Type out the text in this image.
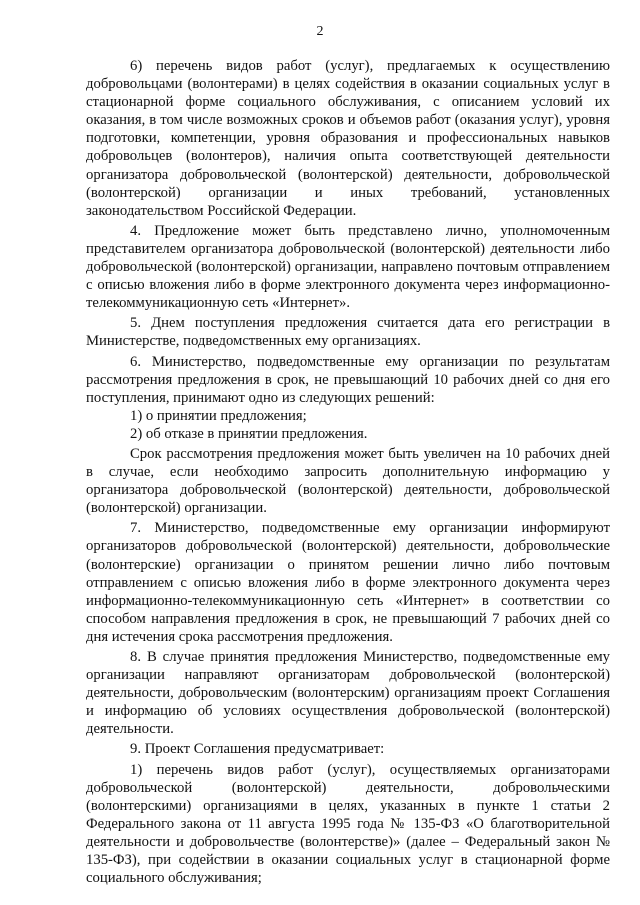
2

6) перечень видов работ (услуг), предлагаемых к осуществлению добровольцами (волонтерами) в целях содействия в оказании социальных услуг в стационарной форме социального обслуживания, с описанием условий их оказания, в том числе возможных сроков и объемов работ (оказания услуг), уровня подготовки, компетенции, уровня образования и профессиональных навыков добровольцев (волонтеров), наличия опыта соответствующей деятельности организатора добровольческой (волонтерской) деятельности, добровольческой (волонтерской) организации и иных требований, установленных законодательством Российской Федерации.

4. Предложение может быть представлено лично, уполномоченным представителем организатора добровольческой (волонтерской) деятельности либо добровольческой (волонтерской) организации, направлено почтовым отправлением с описью вложения либо в форме электронного документа через информационно-телекоммуникационную сеть «Интернет».

5. Днем поступления предложения считается дата его регистрации в Министерстве, подведомственных ему организациях.

6. Министерство, подведомственные ему организации по результатам рассмотрения предложения в срок, не превышающий 10 рабочих дней со дня его поступления, принимают одно из следующих решений:

1) о принятии предложения;

2) об отказе в принятии предложения.

Срок рассмотрения предложения может быть увеличен на 10 рабочих дней в случае, если необходимо запросить дополнительную информацию у организатора добровольческой (волонтерской) деятельности, добровольческой (волонтерской) организации.

7. Министерство, подведомственные ему организации информируют организаторов добровольческой (волонтерской) деятельности, добровольческие (волонтерские) организации о принятом решении лично либо почтовым отправлением с описью вложения либо в форме электронного документа через информационно-телекоммуникационную сеть «Интернет» в соответствии со способом направления предложения в срок, не превышающий 7 рабочих дней со дня истечения срока рассмотрения предложения.

8. В случае принятия предложения Министерство, подведомственные ему организации направляют организаторам добровольческой (волонтерской) деятельности, добровольческим (волонтерским) организациям проект Соглашения и информацию об условиях осуществления добровольческой (волонтерской) деятельности.

9. Проект Соглашения предусматривает:

1) перечень видов работ (услуг), осуществляемых организаторами добровольческой (волонтерской) деятельности, добровольческими (волонтерскими) организациями в целях, указанных в пункте 1 статьи 2 Федерального закона от 11 августа 1995 года № 135-ФЗ «О благотворительной деятельности и добровольчестве (волонтерстве)» (далее – Федеральный закон № 135-ФЗ), при содействии в оказании социальных услуг в стационарной форме социального обслуживания;
